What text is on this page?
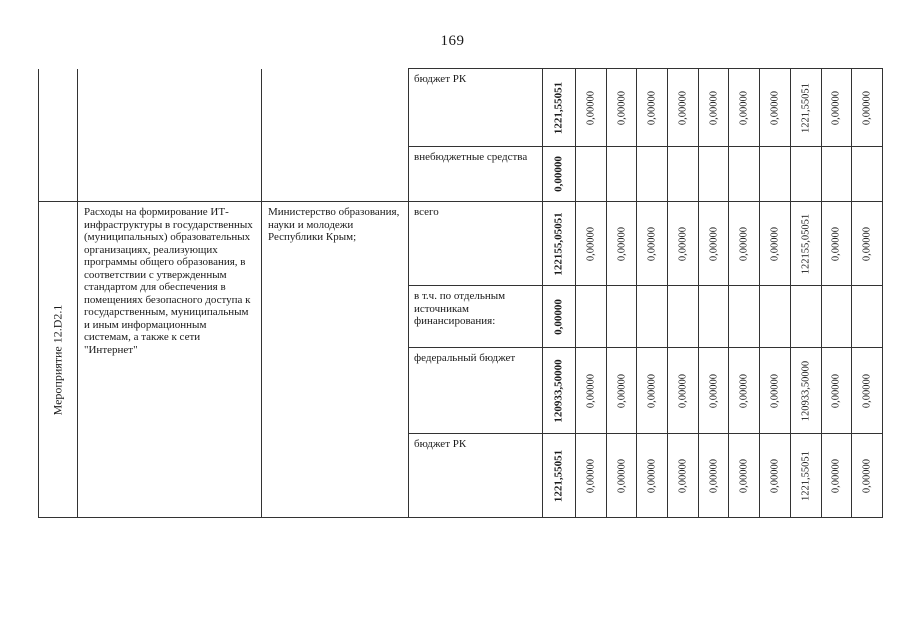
169

			бюджет РК	1221,55051	0,00000	0,00000	0,00000	0,00000	0,00000	0,00000	0,00000	1221,55051	0,00000	0,00000

			внебюджетные средства	0,00000										

Мероприятие 12.D2.1	Расходы на формирование ИТ-инфраструктуры в государственных (муниципальных) образовательных организациях, реализующих программы общего образования, в соответствии с утвержденным стандартом для обеспечения в помещениях безопасного доступа к государственным, муниципальным и иным информационным системам, а также к сети "Интернет"	Министерство образования, науки и молодежи Республики Крым;	всего	122155,05051	0,00000	0,00000	0,00000	0,00000	0,00000	0,00000	0,00000	122155,05051	0,00000	0,00000

			в т.ч. по отдельным источникам финансирования:	0,00000										

			федеральный бюджет	120933,50000	0,00000	0,00000	0,00000	0,00000	0,00000	0,00000	0,00000	120933,50000	0,00000	0,00000

			бюджет РК	1221,55051	0,00000	0,00000	0,00000	0,00000	0,00000	0,00000	0,00000	1221,55051	0,00000	0,00000
